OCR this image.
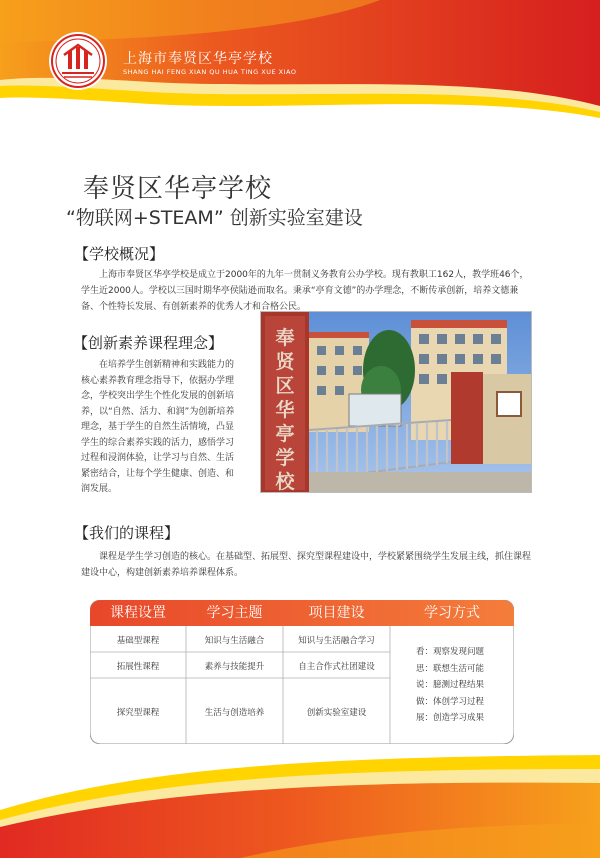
上海市奉贤区华亭学校
SHANG HAI FENG XIAN QU HUA TING XUE XIAO
奉贤区华亭学校
“物联网+STEAM” 创新实验室建设
【学校概况】
上海市奉贤区华亭学校是成立于2000年的九年一贯制义务教育公办学校。现有教职工162人，教学班46个，学生近2000人。学校以三国时期华亭侯陆逊而取名。秉承“亭育文德”的办学理念，不断传承创新，培养文德兼备、个性特长发展、有创新素养的优秀人才和合格公民。
【创新素养课程理念】
在培养学生创新精神和实践能力的核心素养教育理念指导下，依据办学理念，学校突出学生个性化发展的创新培养，以“自然、活力、和润”为创新培养理念，基于学生的自然生活情境，凸显学生的综合素养实践的活力，感悟学习过程和浸润体验，让学习与自然、生活紧密结合，让每个学生健康、创造、和润发展。
奉
贤
区
华
亭
学
校
【我们的课程】
课程是学生学习创造的核心。在基础型、拓展型、探究型课程建设中，学校紧紧围绕学生发展主线，抓住课程建设中心，构建创新素养培养课程体系。
课程设置	学习主题	项目建设	学习方式
基础型课程	知识与生活融合	知识与生活融合学习
拓展性课程	素养与技能提升	自主合作式社团建设
探究型课程	生活与创造培养	创新实验室建设
看：观察发现问题
思：联想生活可能
说：臆测过程结果
做：体创学习过程
展：创造学习成果
